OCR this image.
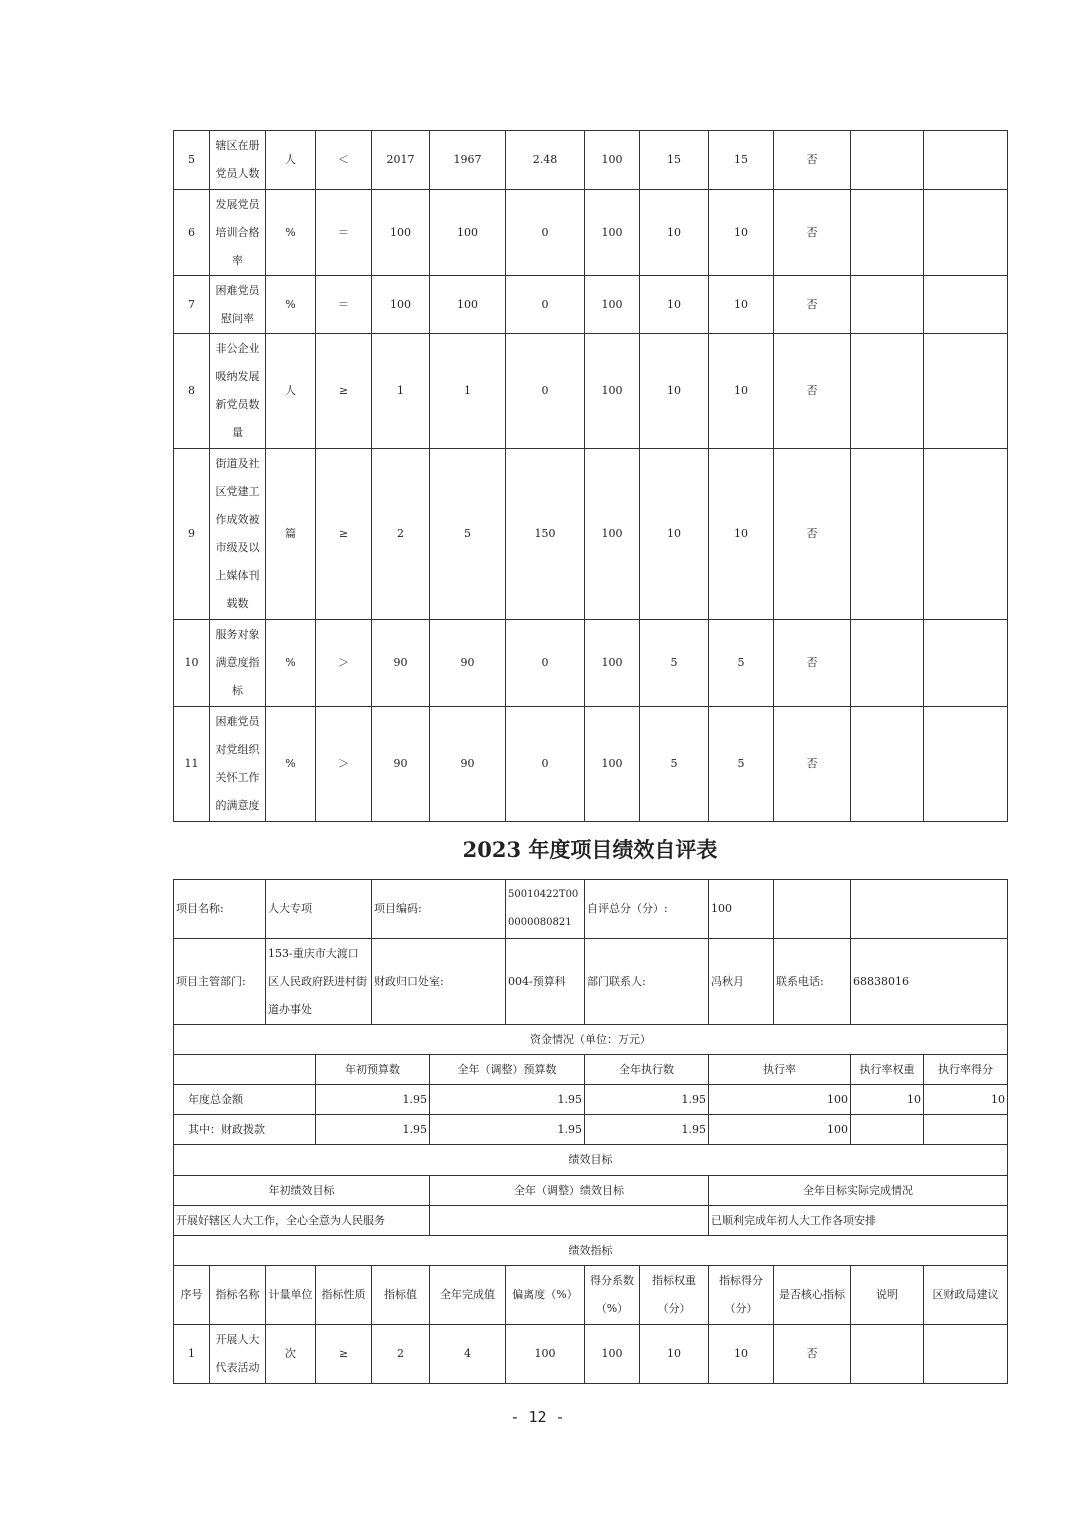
5	辖区在册党员人数	人	＜	2017	1967	2.48	100	15	15	否		
6	发展党员培训合格率	%	＝	100	100	0	100	10	10	否		
7	困难党员慰问率	%	＝	100	100	0	100	10	10	否		
8	非公企业吸纳发展新党员数量	人	≥	1	1	0	100	10	10	否		
9	街道及社区党建工作成效被市级及以上媒体刊载数	篇	≥	2	5	150	100	10	10	否		
10	服务对象满意度指标	%	＞	90	90	0	100	5	5	否		
11	困难党员对党组织关怀工作的满意度	%	＞	90	90	0	100	5	5	否		
2023 年度项目绩效自评表
项目名称:		人大专项		项目编码:		50010422T000000080821	自评总分（分）:		100			
项目主管部门:		153-重庆市大渡口区人民政府跃进村街道办事处		财政归口处室:		004-预算科	部门联系人:		冯秋月	联系电话:	68838016	
资金情况（单位：万元）												
			年初预算数		全年（调整）预算数		全年执行数		执行率		执行率权重	执行率得分
年度总金额			1.95		1.95		1.95		100		10	10
其中：财政拨款			1.95		1.95		1.95		100			
绩效目标												
年初绩效目标					全年（调整）绩效目标				全年目标实际完成情况			
开展好辖区人大工作，全心全意为人民服务									已顺利完成年初人大工作各项安排			
绩效指标												
序号	指标名称	计量单位	指标性质	指标值	全年完成值	偏离度（%）	得分系数（%）	指标权重（分）	指标得分（分）	是否核心指标	说明	区财政局建议
1	开展人大代表活动	次	≥	2	4	100	100	10	10	否		
- 12 -
